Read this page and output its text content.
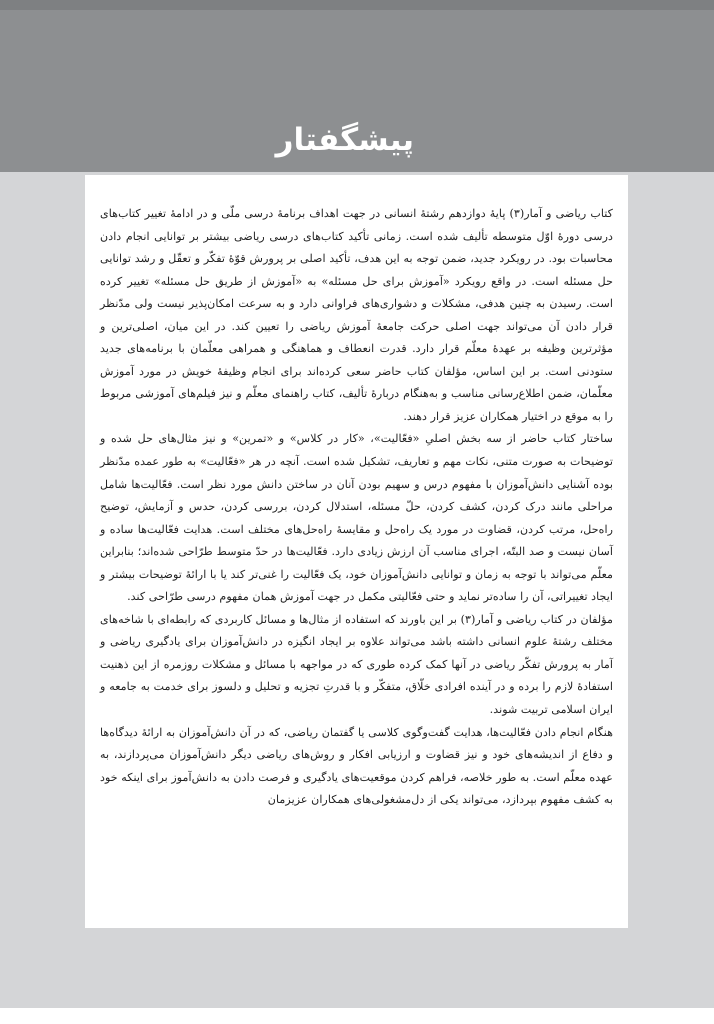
پیشگفتار

کتاب ریاضی و آمار(۳) پایهٔ دوازدهم رشتهٔ انسانی در جهت اهداف برنامهٔ درسی ملّی و در ادامهٔ تغییر کتاب‌های درسی دورهٔ اوّل متوسطه تألیف شده است. زمانی تأکید کتاب‌های درسی ریاضی بیشتر بر توانایی انجام دادن محاسبات بود. در رویکرد جدید، ضمن توجه به این هدف، تأکید اصلی بر پرورش قوّهٔ تفکّر و تعقّل و رشد توانایی حل مسئله است. در واقع رویکرد «آموزش برای حل مسئله» به «آموزش از طریق حل مسئله» تغییر کرده است. رسیدن به چنین هدفی، مشکلات و دشواری‌های فراوانی دارد و به سرعت امکان‌پذیر نیست ولی مدّنظر قرار دادن آن می‌تواند جهت اصلی حرکت جامعهٔ آموزش ریاضی را تعیین کند. در این میان، اصلی‌ترین و مؤثرترین وظیفه بر عهدهٔ معلّم قرار دارد. قدرت انعطاف و هماهنگی و همراهی معلّمان با برنامه‌های جدید ستودنی است. بر این اساس، مؤلفان کتاب حاضر سعی کرده‌اند برای انجام وظیفهٔ خویش در مورد آموزش معلّمان، ضمن اطلاع‌رسانی مناسب و به‌هنگام دربارهٔ تألیف، کتاب راهنمای معلّم و نیز فیلم‌های آموزشی مربوط را به موقع در اختیار همکاران عزیز قرار دهند.

ساختار کتاب حاضر از سه بخش اصلیِ «فعّالیت»، «کار در کلاس» و «تمرین» و نیز مثال‌های حل شده و توضیحات به صورت متنی، نکات مهم و تعاریف، تشکیل شده است. آنچه در هر «فعّالیت» به طور عمده مدّنظر بوده آشنایی دانش‌آموزان با مفهوم درس و سهیم بودن آنان در ساختن دانش مورد نظر است. فعّالیت‌ها شامل مراحلی مانند درک کردن، کشف کردن، حلّ مسئله، استدلال کردن، بررسی کردن، حدس و آزمایش، توضیح راه‌حل، مرتب کردن، قضاوت در مورد یک راه‌حل و مقایسهٔ راه‌حل‌های مختلف است. هدایت فعّالیت‌ها ساده و آسان نیست و صد البتّه، اجرای مناسب آن ارزش زیادی دارد. فعّالیت‌ها در حدّ متوسط طرّاحی شده‌اند؛ بنابراین معلّم می‌تواند با توجه به زمان و توانایی دانش‌آموزان خود، یک فعّالیت را غنی‌تر کند یا با ارائهٔ توضیحات بیشتر و ایجاد تغییراتی، آن را ساده‌تر نماید و حتی فعّالیتی مکمل در جهت آموزش همان مفهوم درسی طرّاحی کند.

مؤلفان در کتاب ریاضی و آمار(۳) بر این باورند که استفاده از مثال‌ها و مسائل کاربردی که رابطه‌ای با شاخه‌های مختلف رشتهٔ علوم انسانی داشته باشد می‌تواند علاوه بر ایجاد انگیزه در دانش‌آموزان برای یادگیری ریاضی و آمار به پرورش تفکّر ریاضی در آنها کمک کرده طوری که در مواجهه با مسائل و مشکلات روزمره از این ذهنیت استفادهٔ لازم را برده و در آینده افرادی خلّاق، متفکّر و با قدرتِ تجزیه و تحلیل و دلسوز برای خدمت به جامعه و ایران اسلامی تربیت شوند.

هنگام انجام دادن فعّالیت‌ها، هدایت گفت‌وگوی کلاسی یا گفتمان ریاضی، که در آن دانش‌آموزان به ارائهٔ دیدگاه‌ها و دفاع از اندیشه‌های خود و نیز قضاوت و ارزیابی افکار و روش‌های ریاضی دیگر دانش‌آموزان می‌پردازند، به عهده معلّم است. به طور خلاصه، فراهم کردن موقعیت‌های یادگیری و فرصت دادن به دانش‌آموز برای اینکه خود به کشف مفهوم بپردازد، می‌تواند یکی از دل‌مشغولی‌های همکاران عزیزمان
